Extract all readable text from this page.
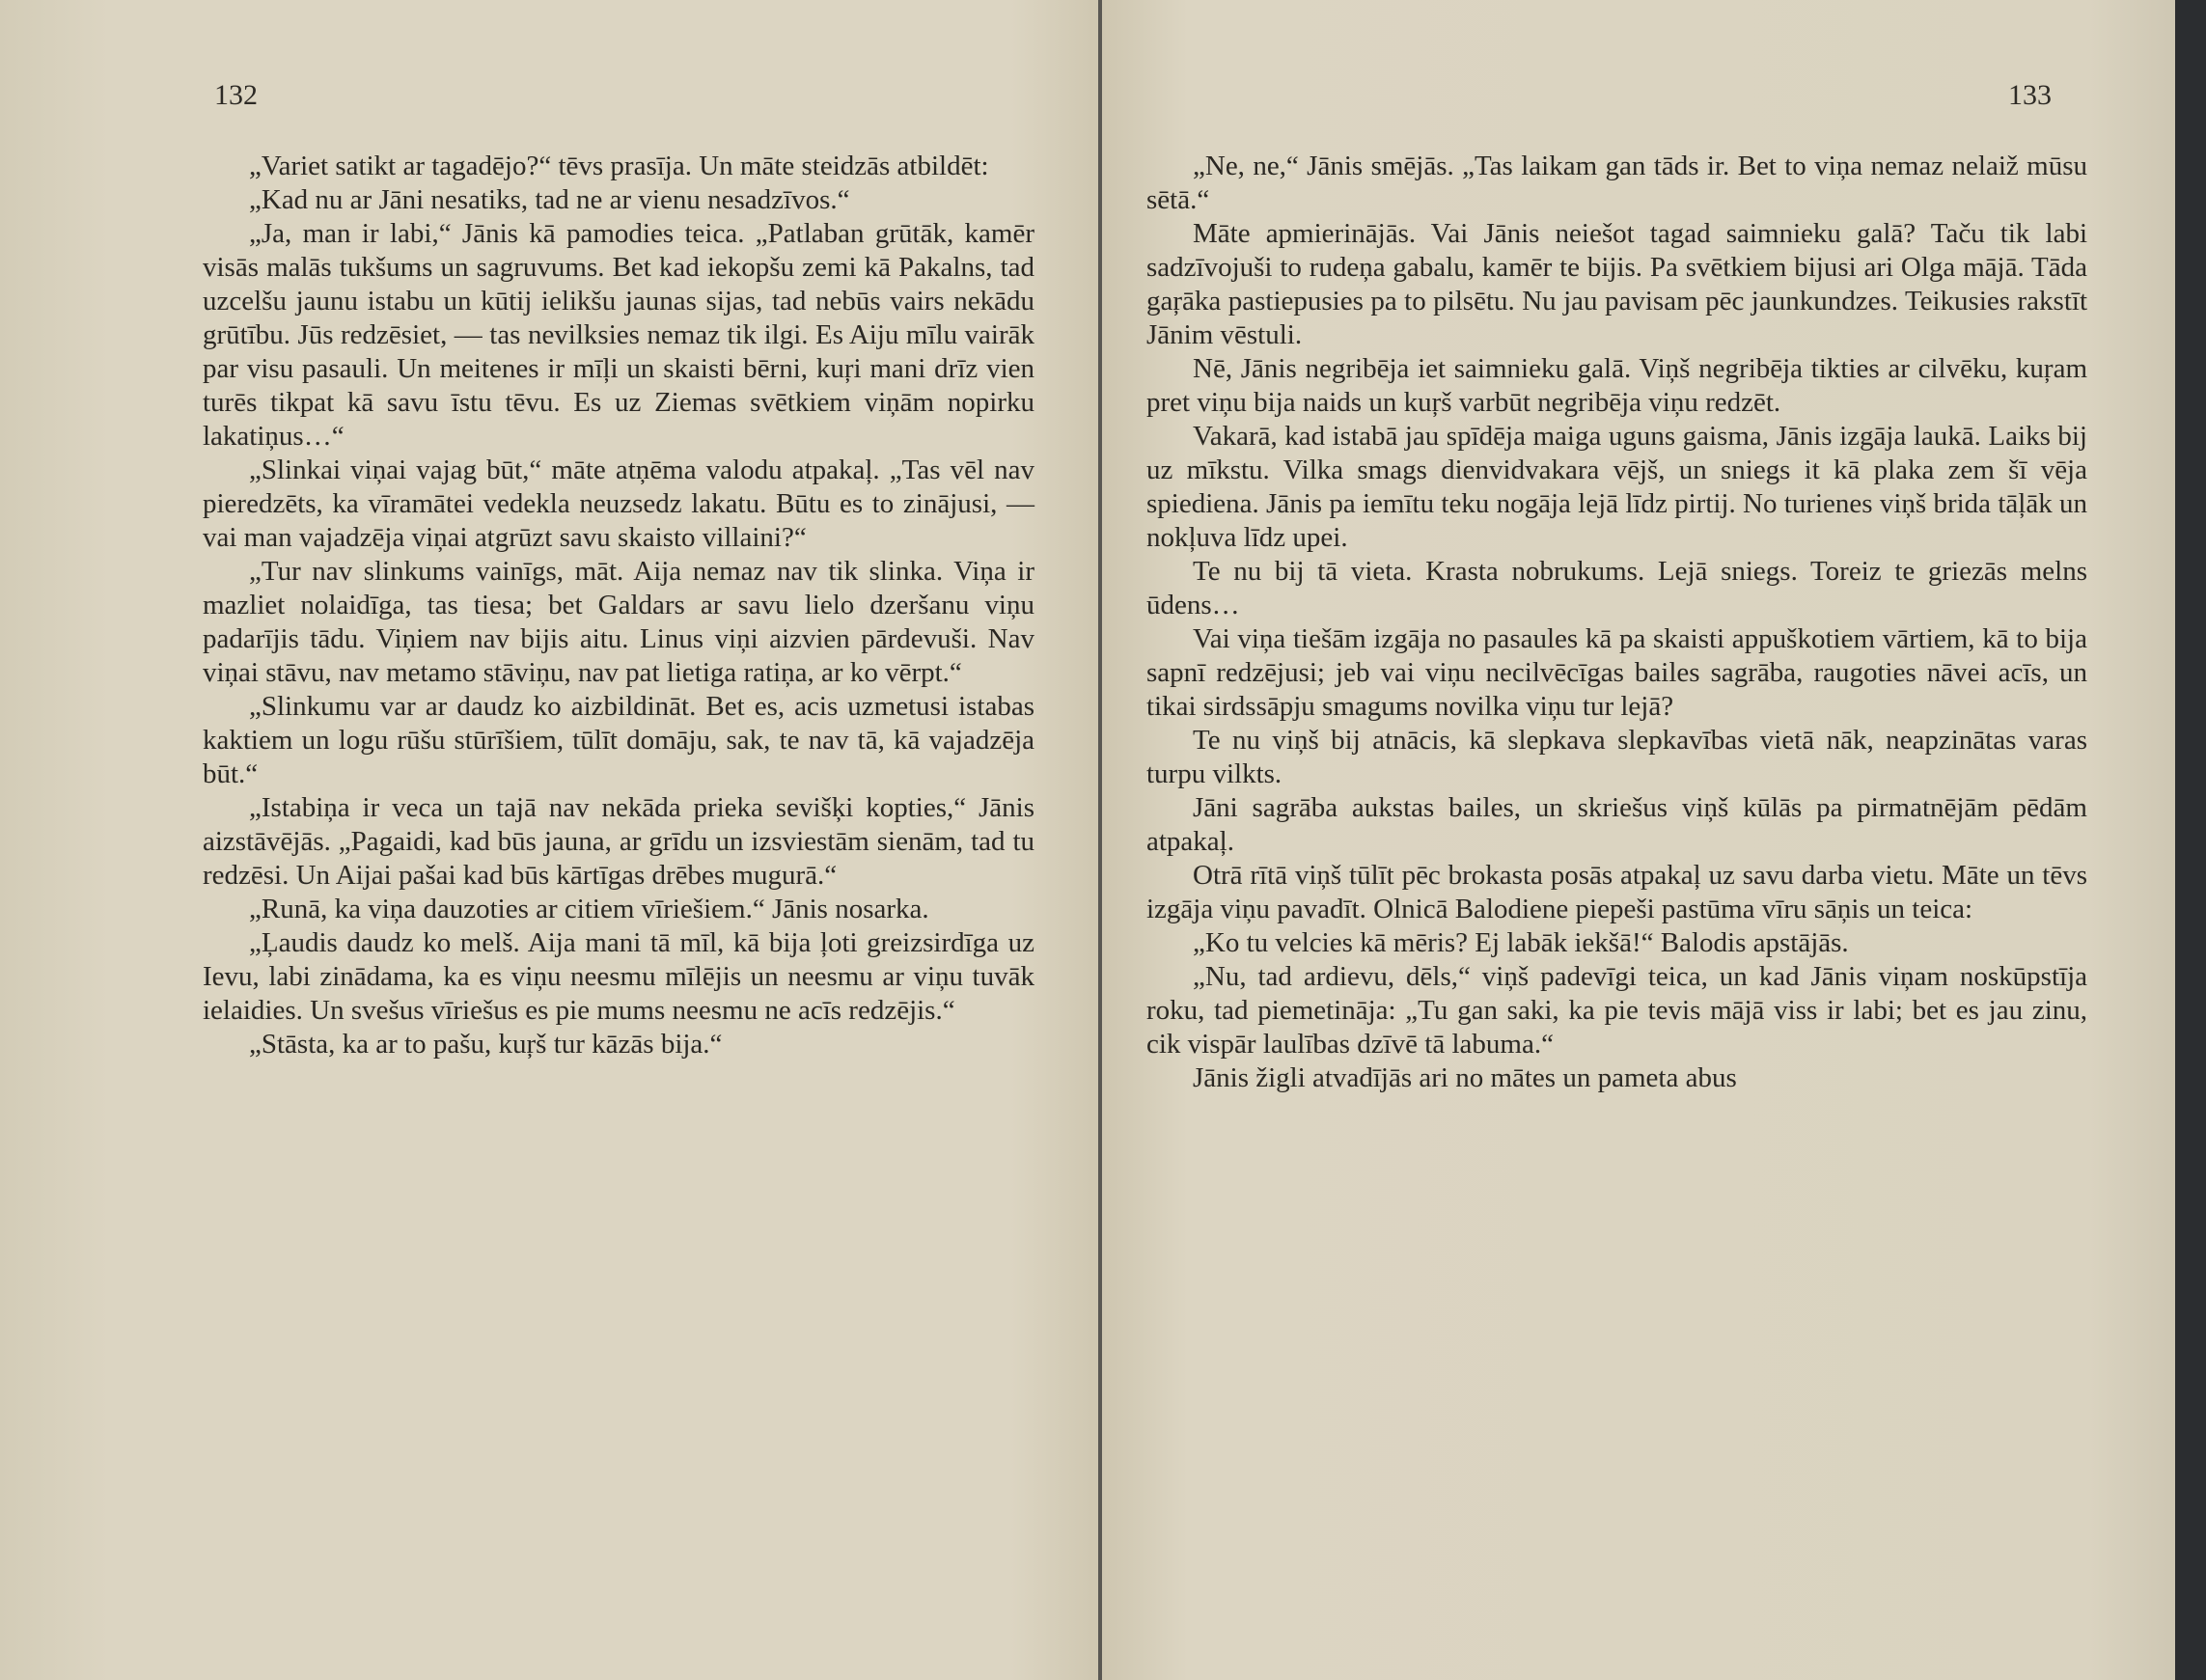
132

„Variet satikt ar tagadējo?“ tēvs prasīja. Un māte steidzās atbildēt:

„Kad nu ar Jāni nesatiks, tad ne ar vienu nesadzīvos.“

„Ja, man ir labi,“ Jānis kā pamodies teica. „Patlaban grūtāk, kamēr visās malās tukšums un sagruvums. Bet kad iekopšu zemi kā Pakalns, tad uzcelšu jaunu istabu un kūtij ielikšu jaunas sijas, tad nebūs vairs nekādu grūtību. Jūs redzēsiet, — tas nevilksies nemaz tik ilgi. Es Aiju mīlu vairāk par visu pasauli. Un meitenes ir mīļi un skaisti bērni, kuŗi mani drīz vien turēs tikpat kā savu īstu tēvu. Es uz Ziemas svētkiem viņām nopirku lakatiņus…“

„Slinkai viņai vajag būt,“ māte atņēma valodu atpakaļ. „Tas vēl nav pieredzēts, ka vīramātei vedekla neuzsedz lakatu. Būtu es to zinājusi, — vai man vajadzēja viņai atgrūzt savu skaisto villaini?“

„Tur nav slinkums vainīgs, māt. Aija nemaz nav tik slinka. Viņa ir mazliet nolaidīga, tas tiesa; bet Galdars ar savu lielo dzeršanu viņu padarījis tādu. Viņiem nav bijis aitu. Linus viņi aizvien pārdevuši. Nav viņai stāvu, nav metamo stāviņu, nav pat lietiga ratiņa, ar ko vērpt.“

„Slinkumu var ar daudz ko aizbildināt. Bet es, acis uzmetusi istabas kaktiem un logu rūšu stūrīšiem, tūlīt domāju, sak, te nav tā, kā vajadzēja būt.“

„Istabiņa ir veca un tajā nav nekāda prieka sevišķi kopties,“ Jānis aizstāvējās. „Pagaidi, kad būs jauna, ar grīdu un izsviestām sienām, tad tu redzēsi. Un Aijai pašai kad būs kārtīgas drēbes mugurā.“

„Runā, ka viņa dauzoties ar citiem vīriešiem.“ Jānis nosarka.

„Ļaudis daudz ko melš. Aija mani tā mīl, kā bija ļoti greizsirdīga uz Ievu, labi zinādama, ka es viņu neesmu mīlējis un neesmu ar viņu tuvāk ielaidies. Un svešus vīriešus es pie mums neesmu ne acīs redzējis.“

„Stāsta, ka ar to pašu, kuŗš tur kāzās bija.“

133

„Ne, ne,“ Jānis smējās. „Tas laikam gan tāds ir. Bet to viņa nemaz nelaiž mūsu sētā.“

Māte apmierinājās. Vai Jānis neiešot tagad saimnieku galā? Taču tik labi sadzīvojuši to rudeņa gabalu, kamēr te bijis. Pa svētkiem bijusi ari Olga mājā. Tāda gaŗāka pastiepusies pa to pilsētu. Nu jau pavisam pēc jaunkundzes. Teikusies rakstīt Jānim vēstuli.

Nē, Jānis negribēja iet saimnieku galā. Viņš negribēja tikties ar cilvēku, kuŗam pret viņu bija naids un kuŗš varbūt negribēja viņu redzēt.

Vakarā, kad istabā jau spīdēja maiga uguns gaisma, Jānis izgāja laukā. Laiks bij uz mīkstu. Vilka smags dienvidvakara vējš, un sniegs it kā plaka zem šī vēja spiediena. Jānis pa iemītu teku nogāja lejā līdz pirtij. No turienes viņš brida tāļāk un nokļuva līdz upei.

Te nu bij tā vieta. Krasta nobrukums. Lejā sniegs. Toreiz te griezās melns ūdens…

Vai viņa tiešām izgāja no pasaules kā pa skaisti appuškotiem vārtiem, kā to bija sapnī redzējusi; jeb vai viņu necilvēcīgas bailes sagrāba, raugoties nāvei acīs, un tikai sirdssāpju smagums novilka viņu tur lejā?

Te nu viņš bij atnācis, kā slepkava slepkavības vietā nāk, neapzinātas varas turpu vilkts.

Jāni sagrāba aukstas bailes, un skriešus viņš kūlās pa pirmatnējām pēdām atpakaļ.

Otrā rītā viņš tūlīt pēc brokasta posās atpakaļ uz savu darba vietu. Māte un tēvs izgāja viņu pavadīt. Olnicā Balodiene piepeši pastūma vīru sāņis un teica:

„Ko tu velcies kā mēris? Ej labāk iekšā!“ Balodis apstājās.

„Nu, tad ardievu, dēls,“ viņš padevīgi teica, un kad Jānis viņam noskūpstīja roku, tad piemetināja: „Tu gan saki, ka pie tevis mājā viss ir labi; bet es jau zinu, cik vispār laulības dzīvē tā labuma.“

Jānis žigli atvadījās ari no mātes un pameta abus
